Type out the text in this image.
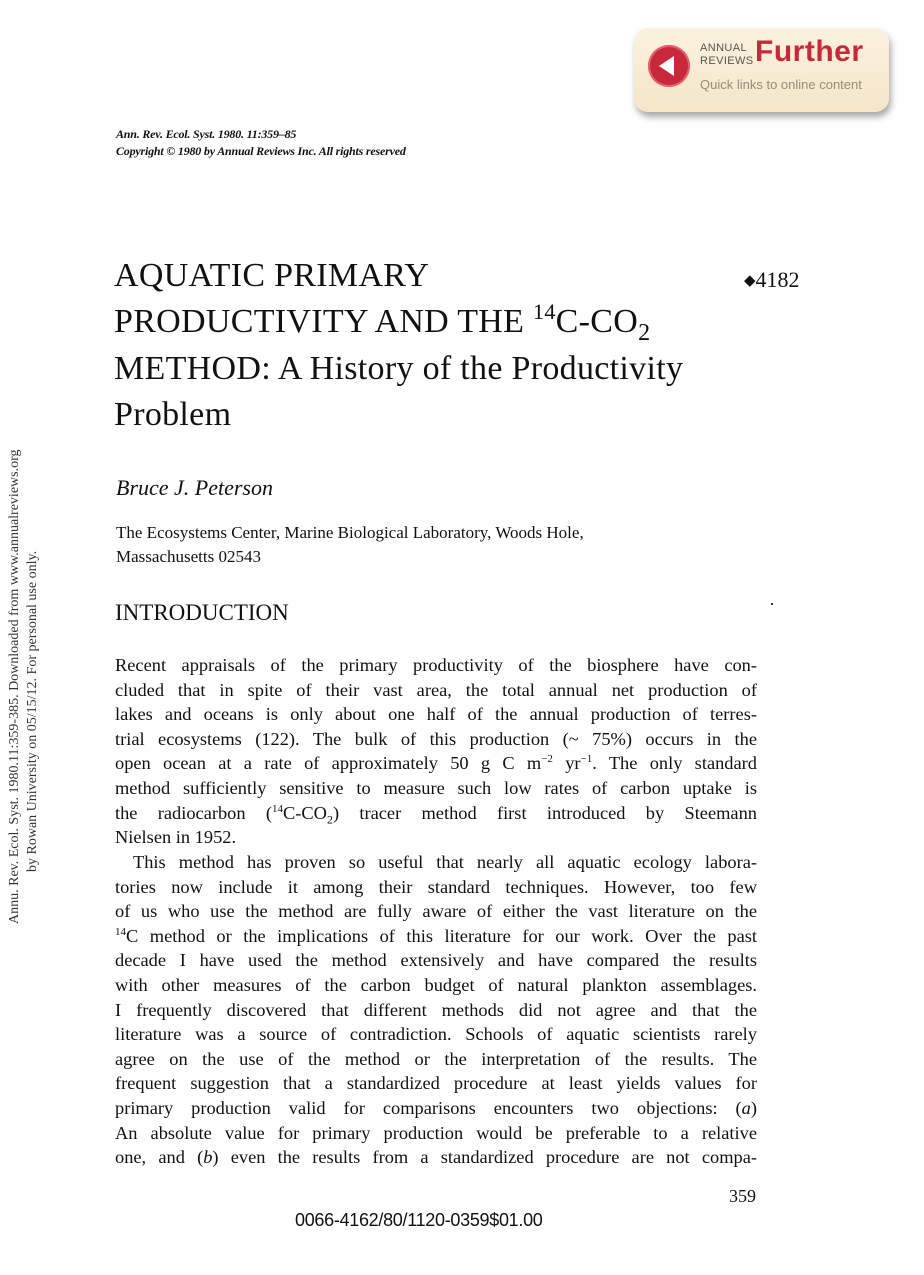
ANNUAL
REVIEWS Further
Quick links to online content
Ann. Rev. Ecol. Syst. 1980. 11:359–85
Copyright © 1980 by Annual Reviews Inc. All rights reserved
AQUATIC PRIMARY
PRODUCTIVITY AND THE $^{14}C-CO_2$
METHOD: A History of the Productivity
Problem
◆4182
Bruce J. Peterson
The Ecosystems Center, Marine Biological Laboratory, Woods Hole,
Massachusetts 02543
INTRODUCTION
Recent appraisals of the primary productivity of the biosphere have con-
cluded that in spite of their vast area, the total annual net production of
lakes and oceans is only about one half of the annual production of terres-
trial ecosystems (122). The bulk of this production (~ 75%) occurs in the
open ocean at a rate of approximately 50 g C $m^{-2}$ $yr^{-1}$. The only standard
method sufficiently sensitive to measure such low rates of carbon uptake is
the radiocarbon $(^{14}C-CO_2)$ tracer method first introduced by Steemann
Nielsen in 1952.
This method has proven so useful that nearly all aquatic ecology labora-
tories now include it among their standard techniques. However, too few
of us who use the method are fully aware of either the vast literature on the
$^{14}$C method or the implications of this literature for our work. Over the past
decade I have used the method extensively and have compared the results
with other measures of the carbon budget of natural plankton assemblages.
I frequently discovered that different methods did not agree and that the
literature was a source of contradiction. Schools of aquatic scientists rarely
agree on the use of the method or the interpretation of the results. The
frequent suggestion that a standardized procedure at least yields values for
primary production valid for comparisons encounters two objections: (a)
An absolute value for primary production would be preferable to a relative
one, and (b) even the results from a standardized procedure are not compa-
359
0066-4162/80/1120-0359$01.00
Annu. Rev. Ecol. Syst. 1980.11:359-385. Downloaded from www.annualreviews.org by Rowan University on 05/15/12. For personal use only.
